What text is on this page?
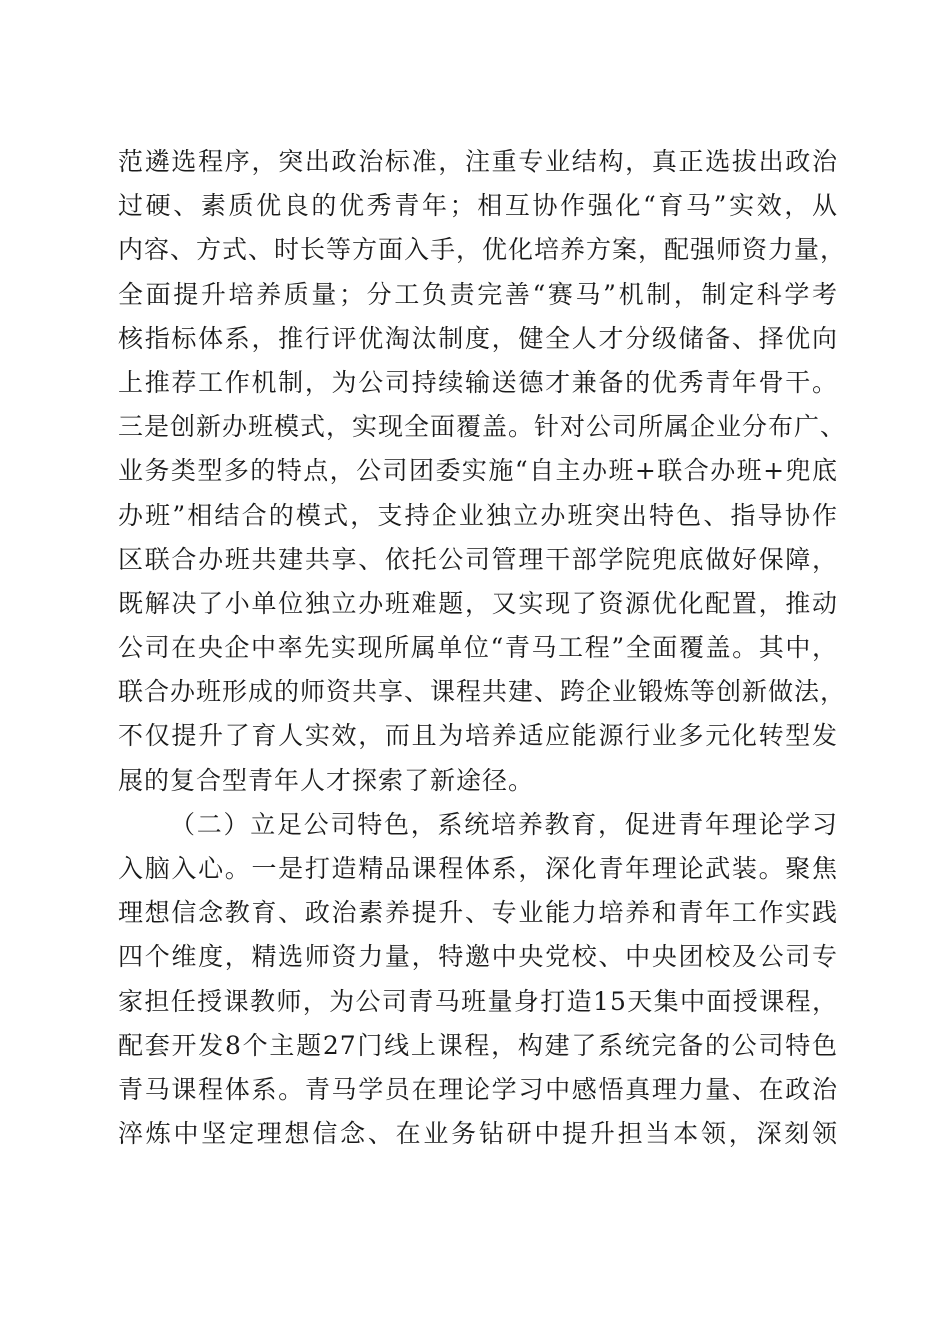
范遴选程序，突出政治标准，注重专业结构，真正选拔出政治
过硬、素质优良的优秀青年；相互协作强化“育马”实效，从
内容、方式、时长等方面入手，优化培养方案，配强师资力量，
全面提升培养质量；分工负责完善“赛马”机制，制定科学考
核指标体系，推行评优淘汰制度，健全人才分级储备、择优向
上推荐工作机制，为公司持续输送德才兼备的优秀青年骨干。
三是创新办班模式，实现全面覆盖。针对公司所属企业分布广、
业务类型多的特点，公司团委实施“自主办班+联合办班+兜底
办班”相结合的模式，支持企业独立办班突出特色、指导协作
区联合办班共建共享、依托公司管理干部学院兜底做好保障，
既解决了小单位独立办班难题，又实现了资源优化配置，推动
公司在央企中率先实现所属单位“青马工程”全面覆盖。其中，
联合办班形成的师资共享、课程共建、跨企业锻炼等创新做法，
不仅提升了育人实效，而且为培养适应能源行业多元化转型发
展的复合型青年人才探索了新途径。
（二）立足公司特色，系统培养教育，促进青年理论学习
入脑入心。一是打造精品课程体系，深化青年理论武装。聚焦
理想信念教育、政治素养提升、专业能力培养和青年工作实践
四个维度，精选师资力量，特邀中央党校、中央团校及公司专
家担任授课教师，为公司青马班量身打造15天集中面授课程，
配套开发8个主题27门线上课程，构建了系统完备的公司特色
青马课程体系。青马学员在理论学习中感悟真理力量、在政治
淬炼中坚定理想信念、在业务钻研中提升担当本领，深刻领
